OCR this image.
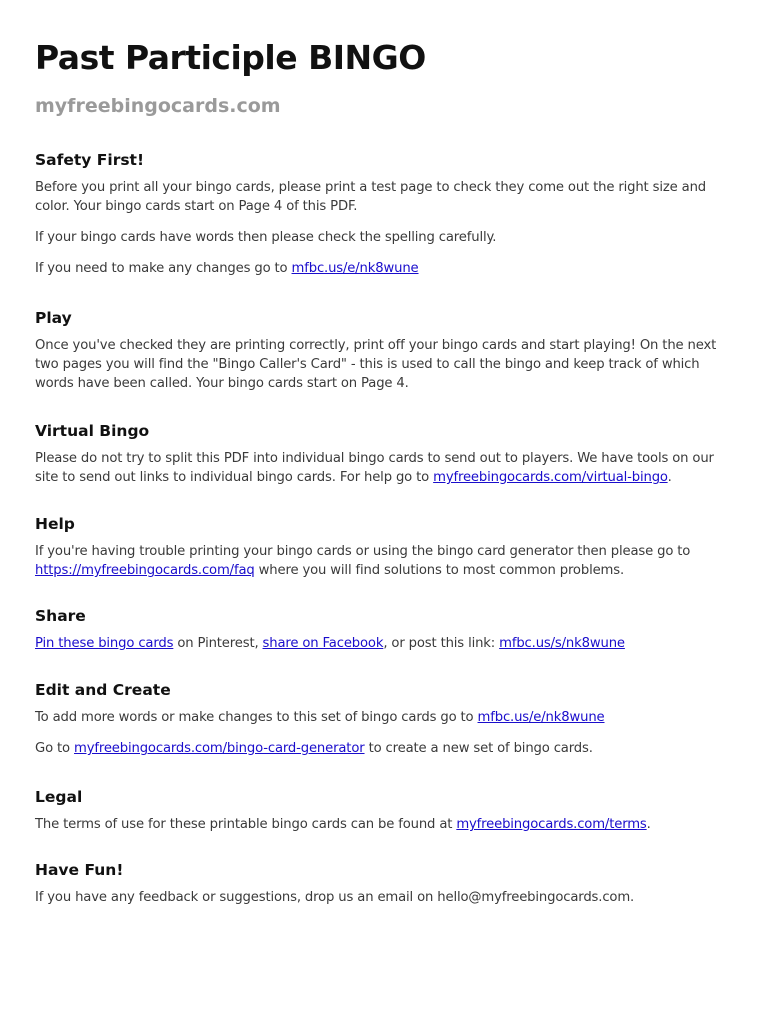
Past Participle BINGO
myfreebingocards.com
Safety First!

Before you print all your bingo cards, please print a test page to check they come out the right size and color. Your bingo cards start on Page 4 of this PDF.

If your bingo cards have words then please check the spelling carefully.

If you need to make any changes go to mfbc.us/e/nk8wune

Play

Once you've checked they are printing correctly, print off your bingo cards and start playing! On the next two pages you will find the "Bingo Caller's Card" - this is used to call the bingo and keep track of which words have been called. Your bingo cards start on Page 4.

Virtual Bingo

Please do not try to split this PDF into individual bingo cards to send out to players. We have tools on our site to send out links to individual bingo cards. For help go to myfreebingocards.com/virtual-bingo.

Help

If you're having trouble printing your bingo cards or using the bingo card generator then please go to https://myfreebingocards.com/faq where you will find solutions to most common problems.

Share

Pin these bingo cards on Pinterest, share on Facebook, or post this link: mfbc.us/s/nk8wune

Edit and Create

To add more words or make changes to this set of bingo cards go to mfbc.us/e/nk8wune

Go to myfreebingocards.com/bingo-card-generator to create a new set of bingo cards.

Legal

The terms of use for these printable bingo cards can be found at myfreebingocards.com/terms.

Have Fun!

If you have any feedback or suggestions, drop us an email on hello@myfreebingocards.com.
